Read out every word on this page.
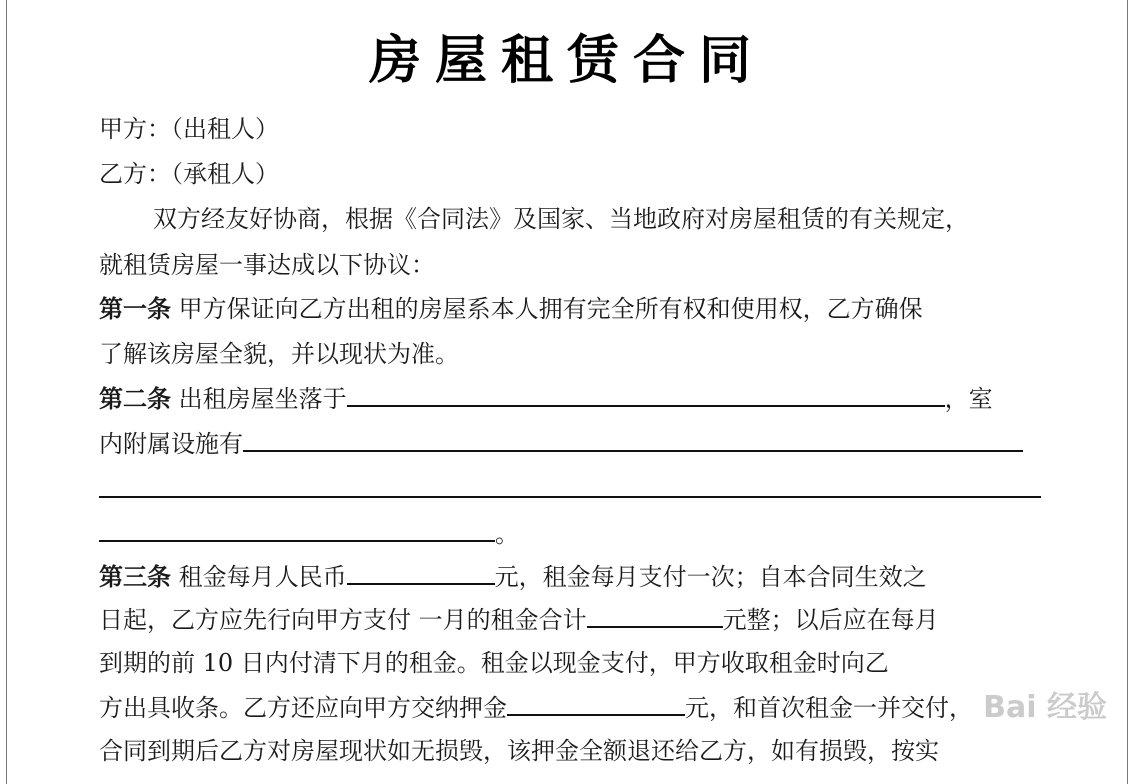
房屋租赁合同
甲方：（出租人）
乙方：（承租人）
双方经友好协商，根据《合同法》及国家、当地政府对房屋租赁的有关规定，
就租赁房屋一事达成以下协议：
第一条 甲方保证向乙方出租的房屋系本人拥有完全所有权和使用权，乙方确保
了解该房屋全貌，并以现状为准。
第二条 出租房屋坐落于	，室
内附属设施有
。
第三条 租金每月人民币	元，租金每月支付一次；自本合同生效之
日起，乙方应先行向甲方支付 一月的租金合计	元整；以后应在每月
到期的前 10 日内付清下月的租金。租金以现金支付，甲方收取租金时向乙
方出具收条。乙方还应向甲方交纳押金	元，和首次租金一并交付，
合同到期后乙方对房屋现状如无损毁，该押金全额退还给乙方，如有损毁，按实
Bai 经验
